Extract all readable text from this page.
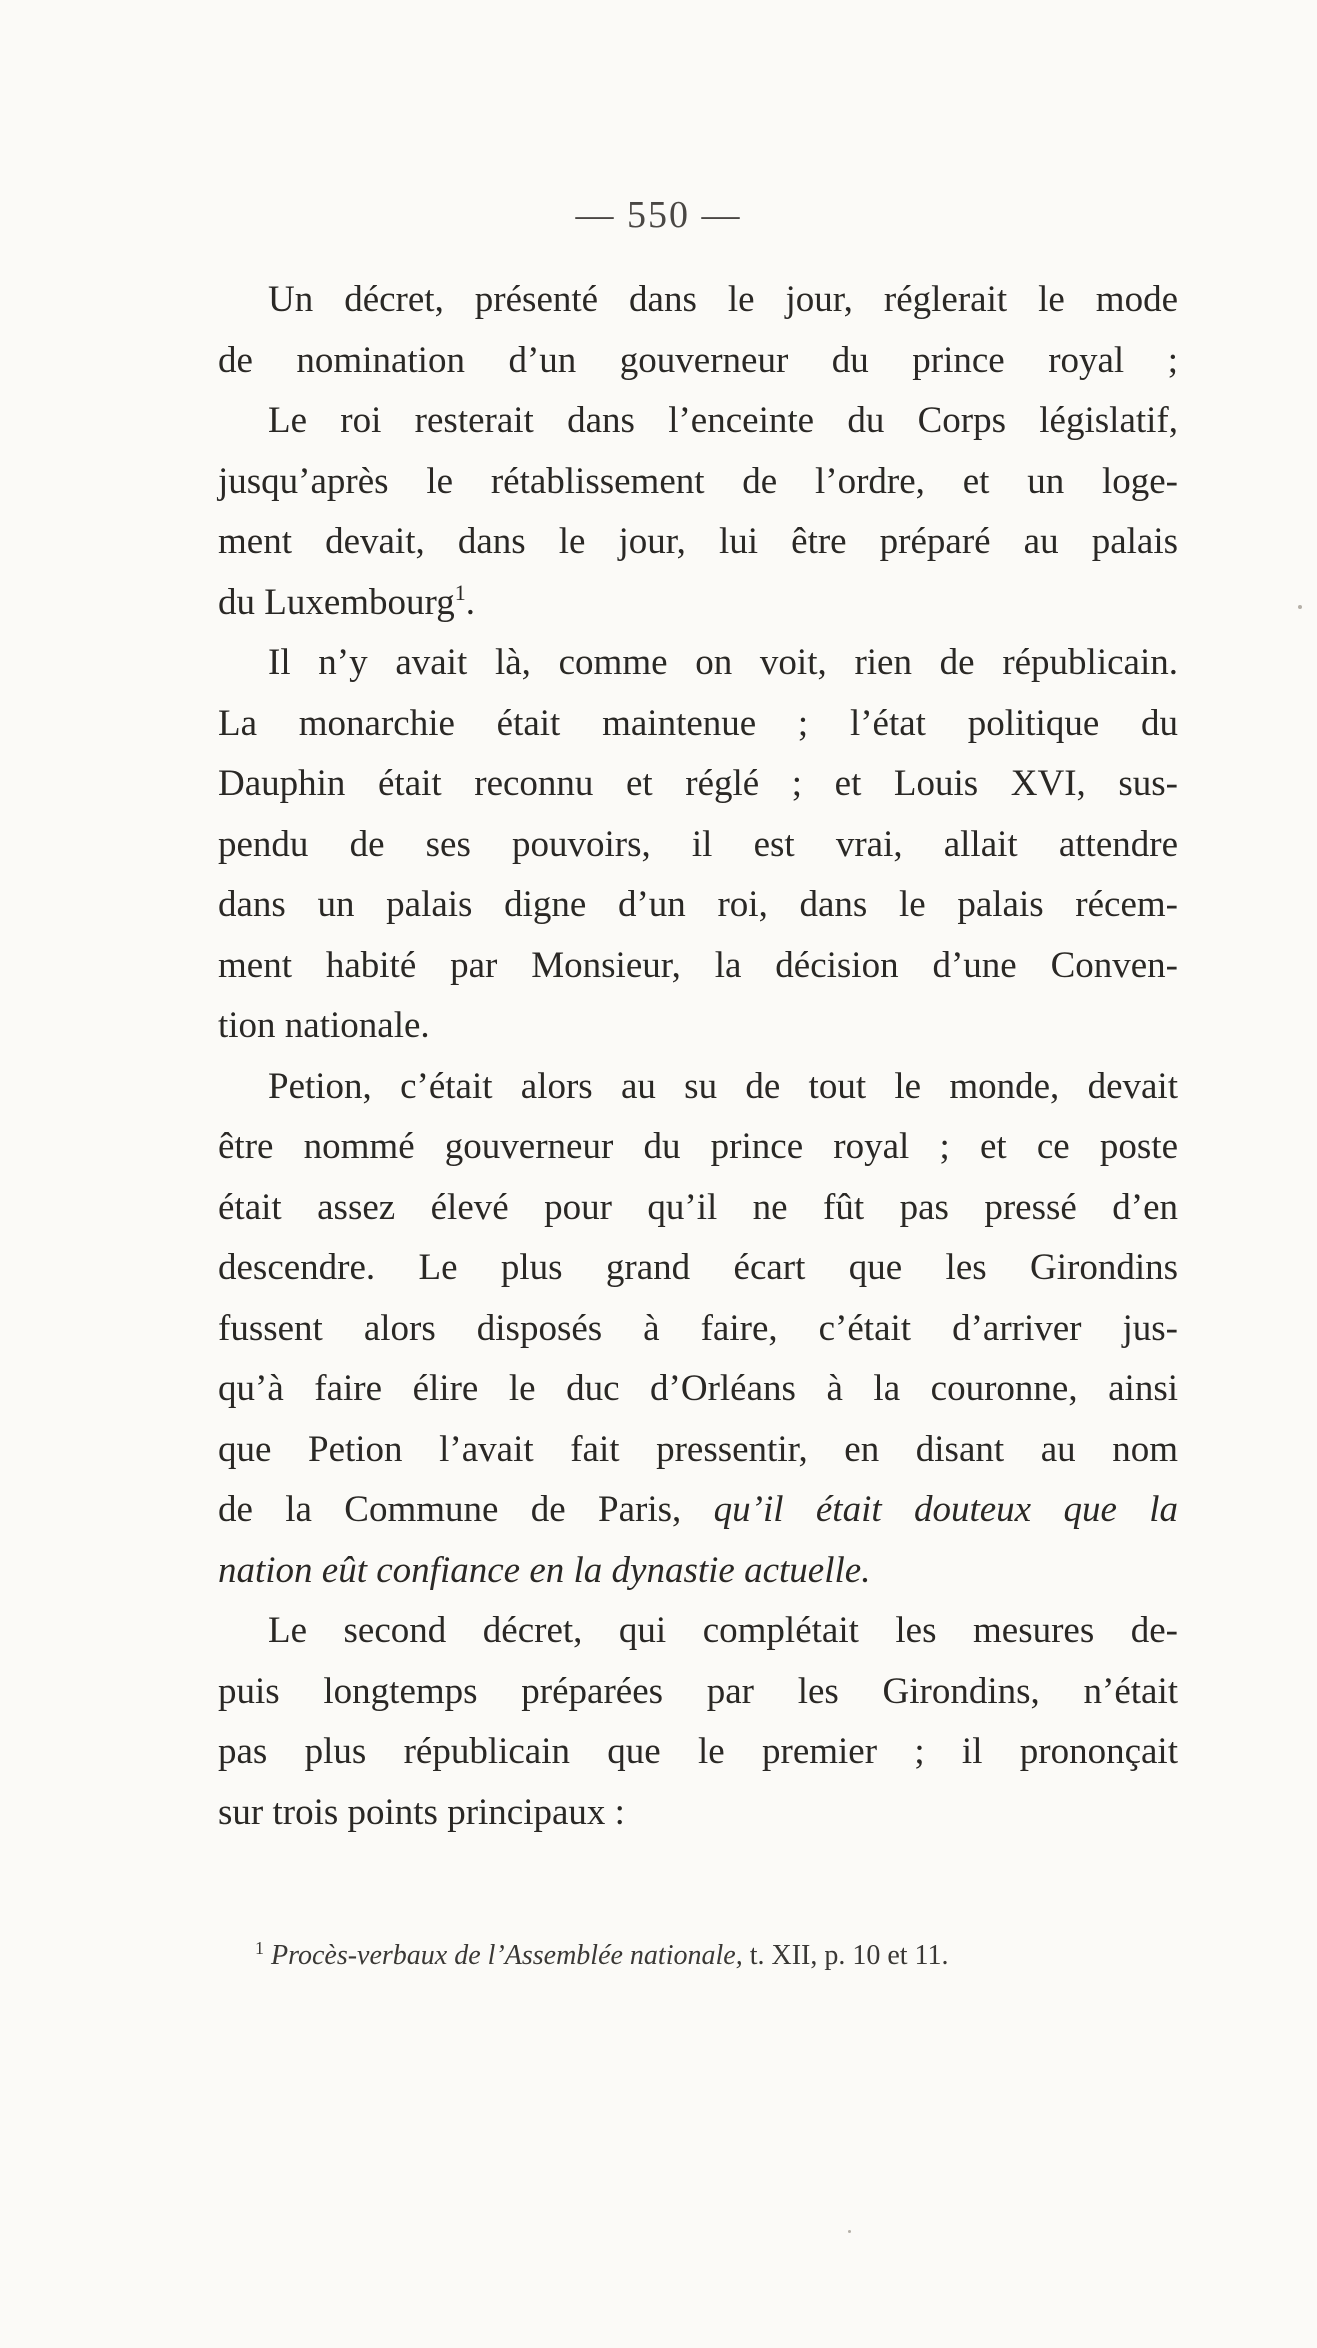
— 550 —
Un décret, présenté dans le jour, réglerait le mode
de nomination d’un gouverneur du prince royal ;
Le roi resterait dans l’enceinte du Corps législatif,
jusqu’après le rétablissement de l’ordre, et un loge-
ment devait, dans le jour, lui être préparé au palais
du Luxembourg$^1$.
Il n’y avait là, comme on voit, rien de républicain.
La monarchie était maintenue ; l’état politique du
Dauphin était reconnu et réglé ; et Louis XVI, sus-
pendu de ses pouvoirs, il est vrai, allait attendre
dans un palais digne d’un roi, dans le palais récem-
ment habité par Monsieur, la décision d’une Conven-
tion nationale.
Petion, c’était alors au su de tout le monde, devait
être nommé gouverneur du prince royal ; et ce poste
était assez élevé pour qu’il ne fût pas pressé d’en
descendre. Le plus grand écart que les Girondins
fussent alors disposés à faire, c’était d’arriver jus-
qu’à faire élire le duc d’Orléans à la couronne, ainsi
que Petion l’avait fait pressentir, en disant au nom
de la Commune de Paris, qu’il était douteux que la
nation eût confiance en la dynastie actuelle.
Le second décret, qui complétait les mesures de-
puis longtemps préparées par les Girondins, n’était
pas plus républicain que le premier ; il prononçait
sur trois points principaux :
$^1$ Procès-verbaux de l’Assemblée nationale, t. XII, p. 10 et 11.
